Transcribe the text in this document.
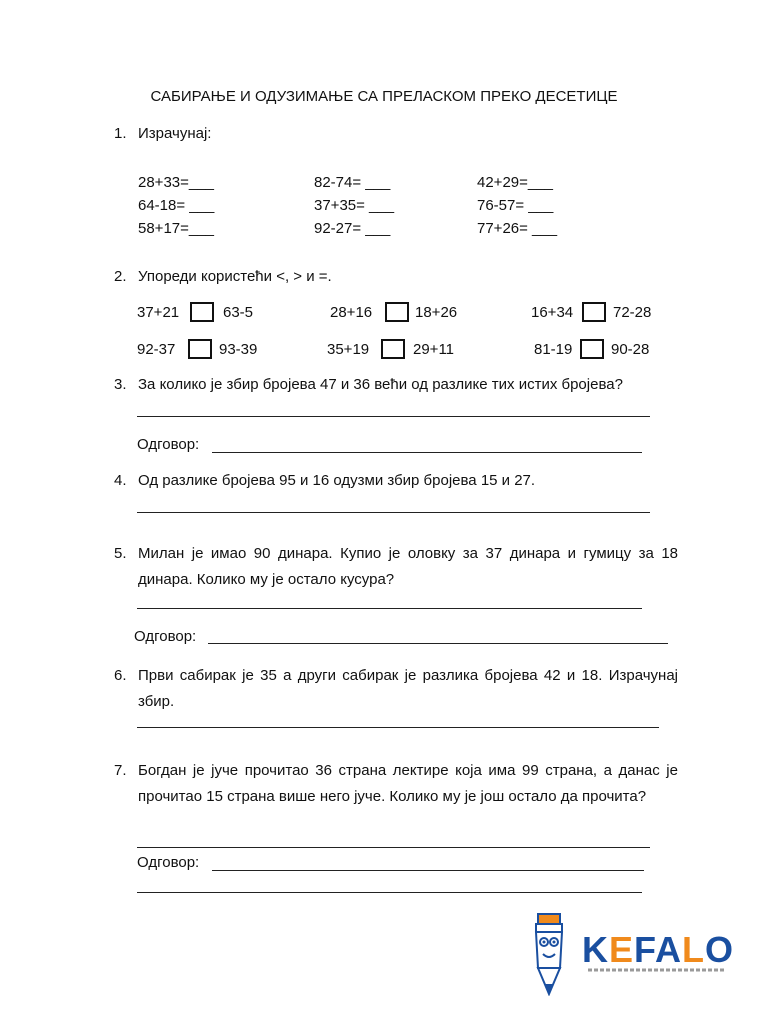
САБИРАЊЕ И ОДУЗИМАЊЕ СА ПРЕЛАСКОМ ПРЕКО ДЕСЕТИЦЕ
1. Израчунај:
28+33=___	82-74= ___	42+29=___
64-18= ___	37+35= ___	76-57= ___
58+17=___	92-27= ___	77+26= ___
2. Упореди користећи <, > и =.
37+21	63-5	28+16	18+26	16+34	72-28
92-37	93-39	35+19	29+11	81-19	90-28
3. За колико је збир бројева 47 и 36 већи од разлике тих истих бројева?
Одговор:
4. Од разлике бројева 95 и 16 одузми збир бројева 15 и 27.
5. Милан је имао 90 динара. Купио је оловку за 37 динара и гумицу за 18 динара. Колико му је остало кусура?
Одговор:
6. Први сабирак је 35 а други сабирак је разлика бројева 42 и 18. Израчунај збир.
7. Богдан је јуче прочитао 36 страна лектире која има 99 страна, а данас је прочитао 15 страна више него јуче. Колико му је још остало да прочита?
Одговор:
KEFALO
